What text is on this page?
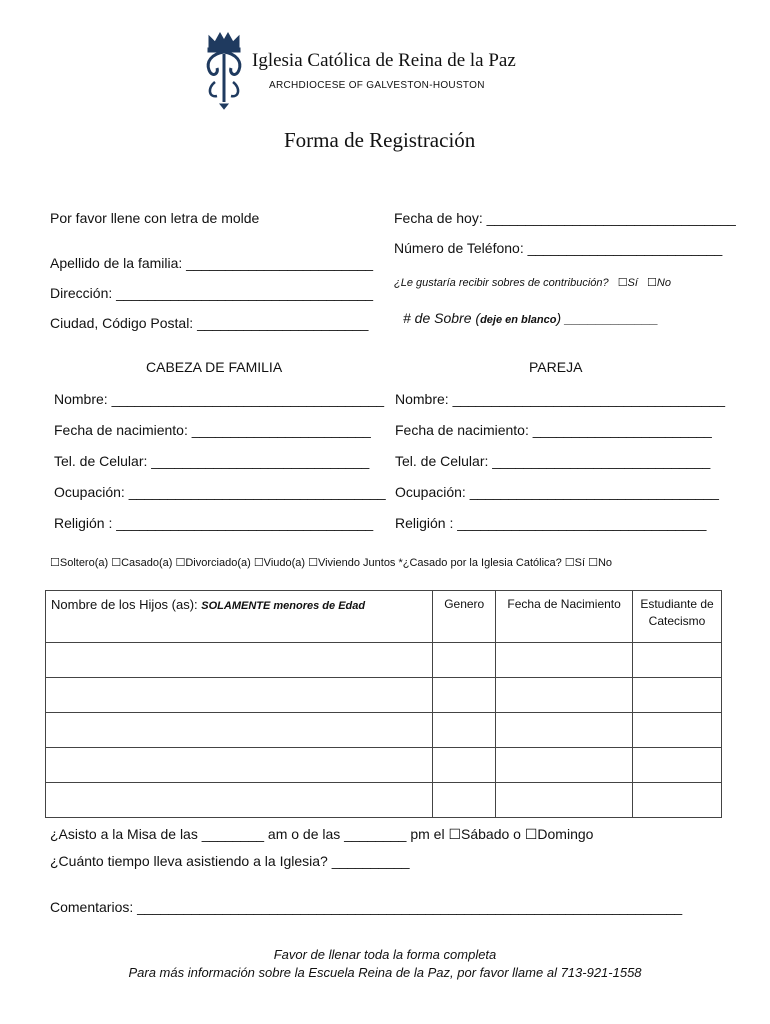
Iglesia Católica de Reina de la Paz
ARCHDIOCESE OF GALVESTON-HOUSTON
Forma de Registración
Por favor llene con letra de molde	Fecha de hoy: ________________________________
Número de Teléfono: _________________________
Apellido de la familia: ________________________
¿Le gustaría recibir sobres de contribución? ☐Sí ☐No
Dirección: _________________________________
Ciudad, Código Postal: ______________________ # de Sobre (deje en blanco) ____________
CABEZA DE FAMILIA	PAREJA
Nombre: ___________________________________
Fecha de nacimiento: _______________________
Tel. de Celular: ____________________________
Ocupación: _________________________________
Religión : _________________________________
Nombre: ___________________________________
Fecha de nacimiento: _______________________
Tel. de Celular: ____________________________
Ocupación: ________________________________
Religión : ________________________________
☐Soltero(a) ☐Casado(a) ☐Divorciado(a) ☐Viudo(a) ☐Viviendo Juntos *¿Casado por la Iglesia Católica? ☐Sí ☐No
Nombre de los Hijos (as): SOLAMENTE menores de Edad	Genero	Fecha de Nacimiento	Estudiante de Catecismo

¿Asisto a la Misa de las ________ am o de las ________ pm el ☐Sábado o ☐Domingo
¿Cuánto tiempo lleva asistiendo a la Iglesia? __________
Comentarios: ______________________________________________________________________
Favor de llenar toda la forma completa
Para más información sobre la Escuela Reina de la Paz, por favor llame al 713-921-1558
